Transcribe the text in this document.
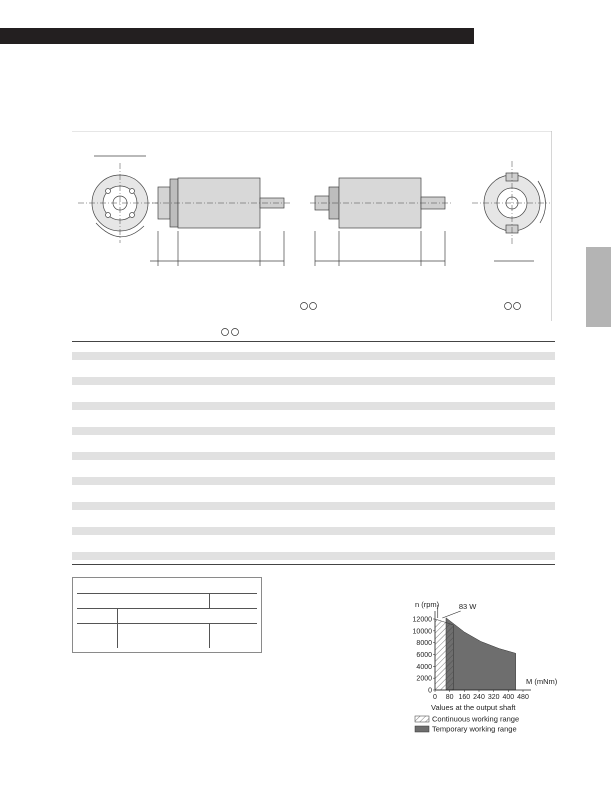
0 80 160 240 320 400 480
0
2000
4000
6000
8000
10000
12000
n (rpm)
M (mNm)
83 W
Values at the output shaft
Continuous working range
Temporary working range
